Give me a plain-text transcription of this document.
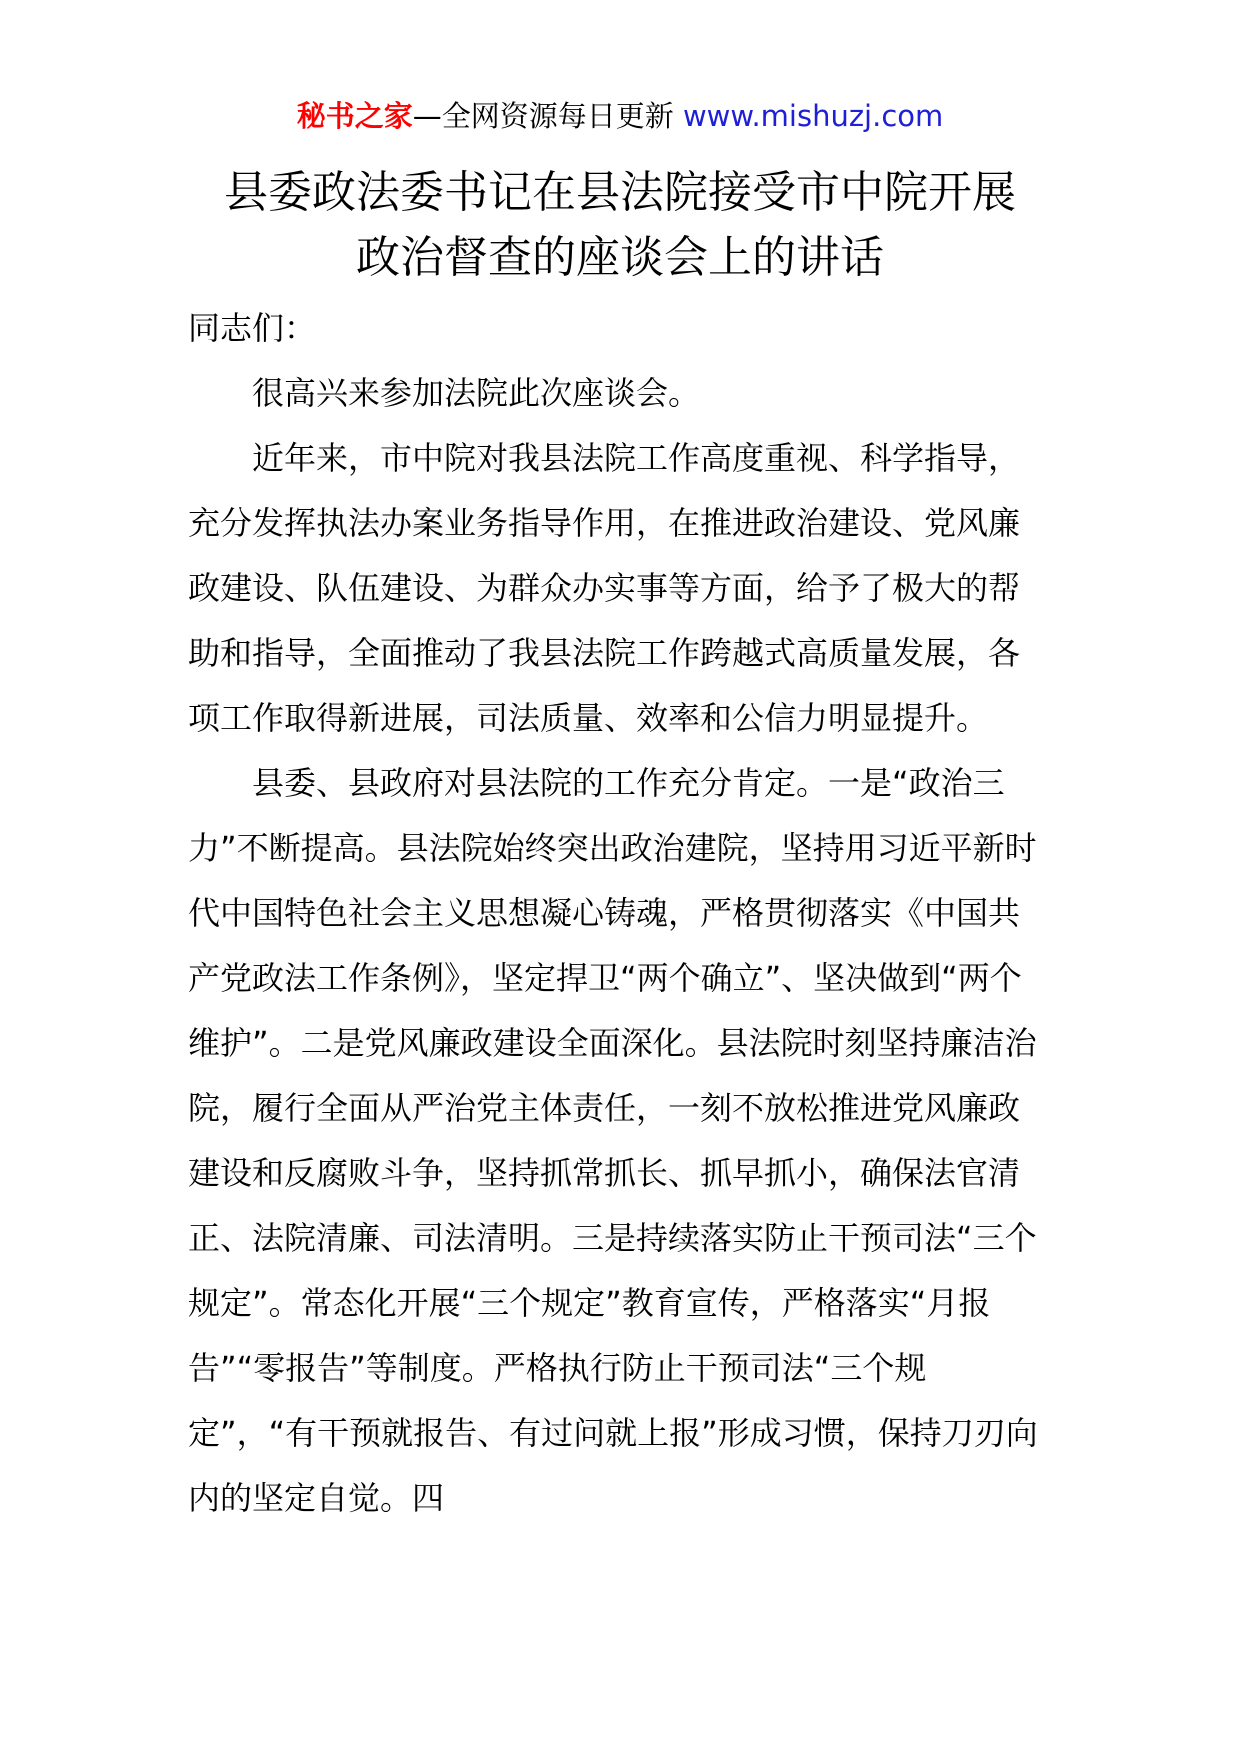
秘书之家—全网资源每日更新 www.mishuzj.com
县委政法委书记在县法院接受市中院开展
政治督查的座谈会上的讲话

同志们：

很高兴来参加法院此次座谈会。

近年来，市中院对我县法院工作高度重视、科学指导，充分发挥执法办案业务指导作用，在推进政治建设、党风廉政建设、队伍建设、为群众办实事等方面，给予了极大的帮助和指导，全面推动了我县法院工作跨越式高质量发展，各项工作取得新进展，司法质量、效率和公信力明显提升。

县委、县政府对县法院的工作充分肯定。一是“政治三力”不断提高。县法院始终突出政治建院，坚持用习近平新时代中国特色社会主义思想凝心铸魂，严格贯彻落实《中国共产党政法工作条例》，坚定捍卫“两个确立”、坚决做到“两个维护”。二是党风廉政建设全面深化。县法院时刻坚持廉洁治院，履行全面从严治党主体责任，一刻不放松推进党风廉政建设和反腐败斗争，坚持抓常抓长、抓早抓小，确保法官清正、法院清廉、司法清明。三是持续落实防止干预司法“三个规定”。常态化开展“三个规定”教育宣传，严格落实“月报告”“零报告”等制度。严格执行防止干预司法“三个规定”，“有干预就报告、有过问就上报”形成习惯，保持刀刃向内的坚定自觉。四
